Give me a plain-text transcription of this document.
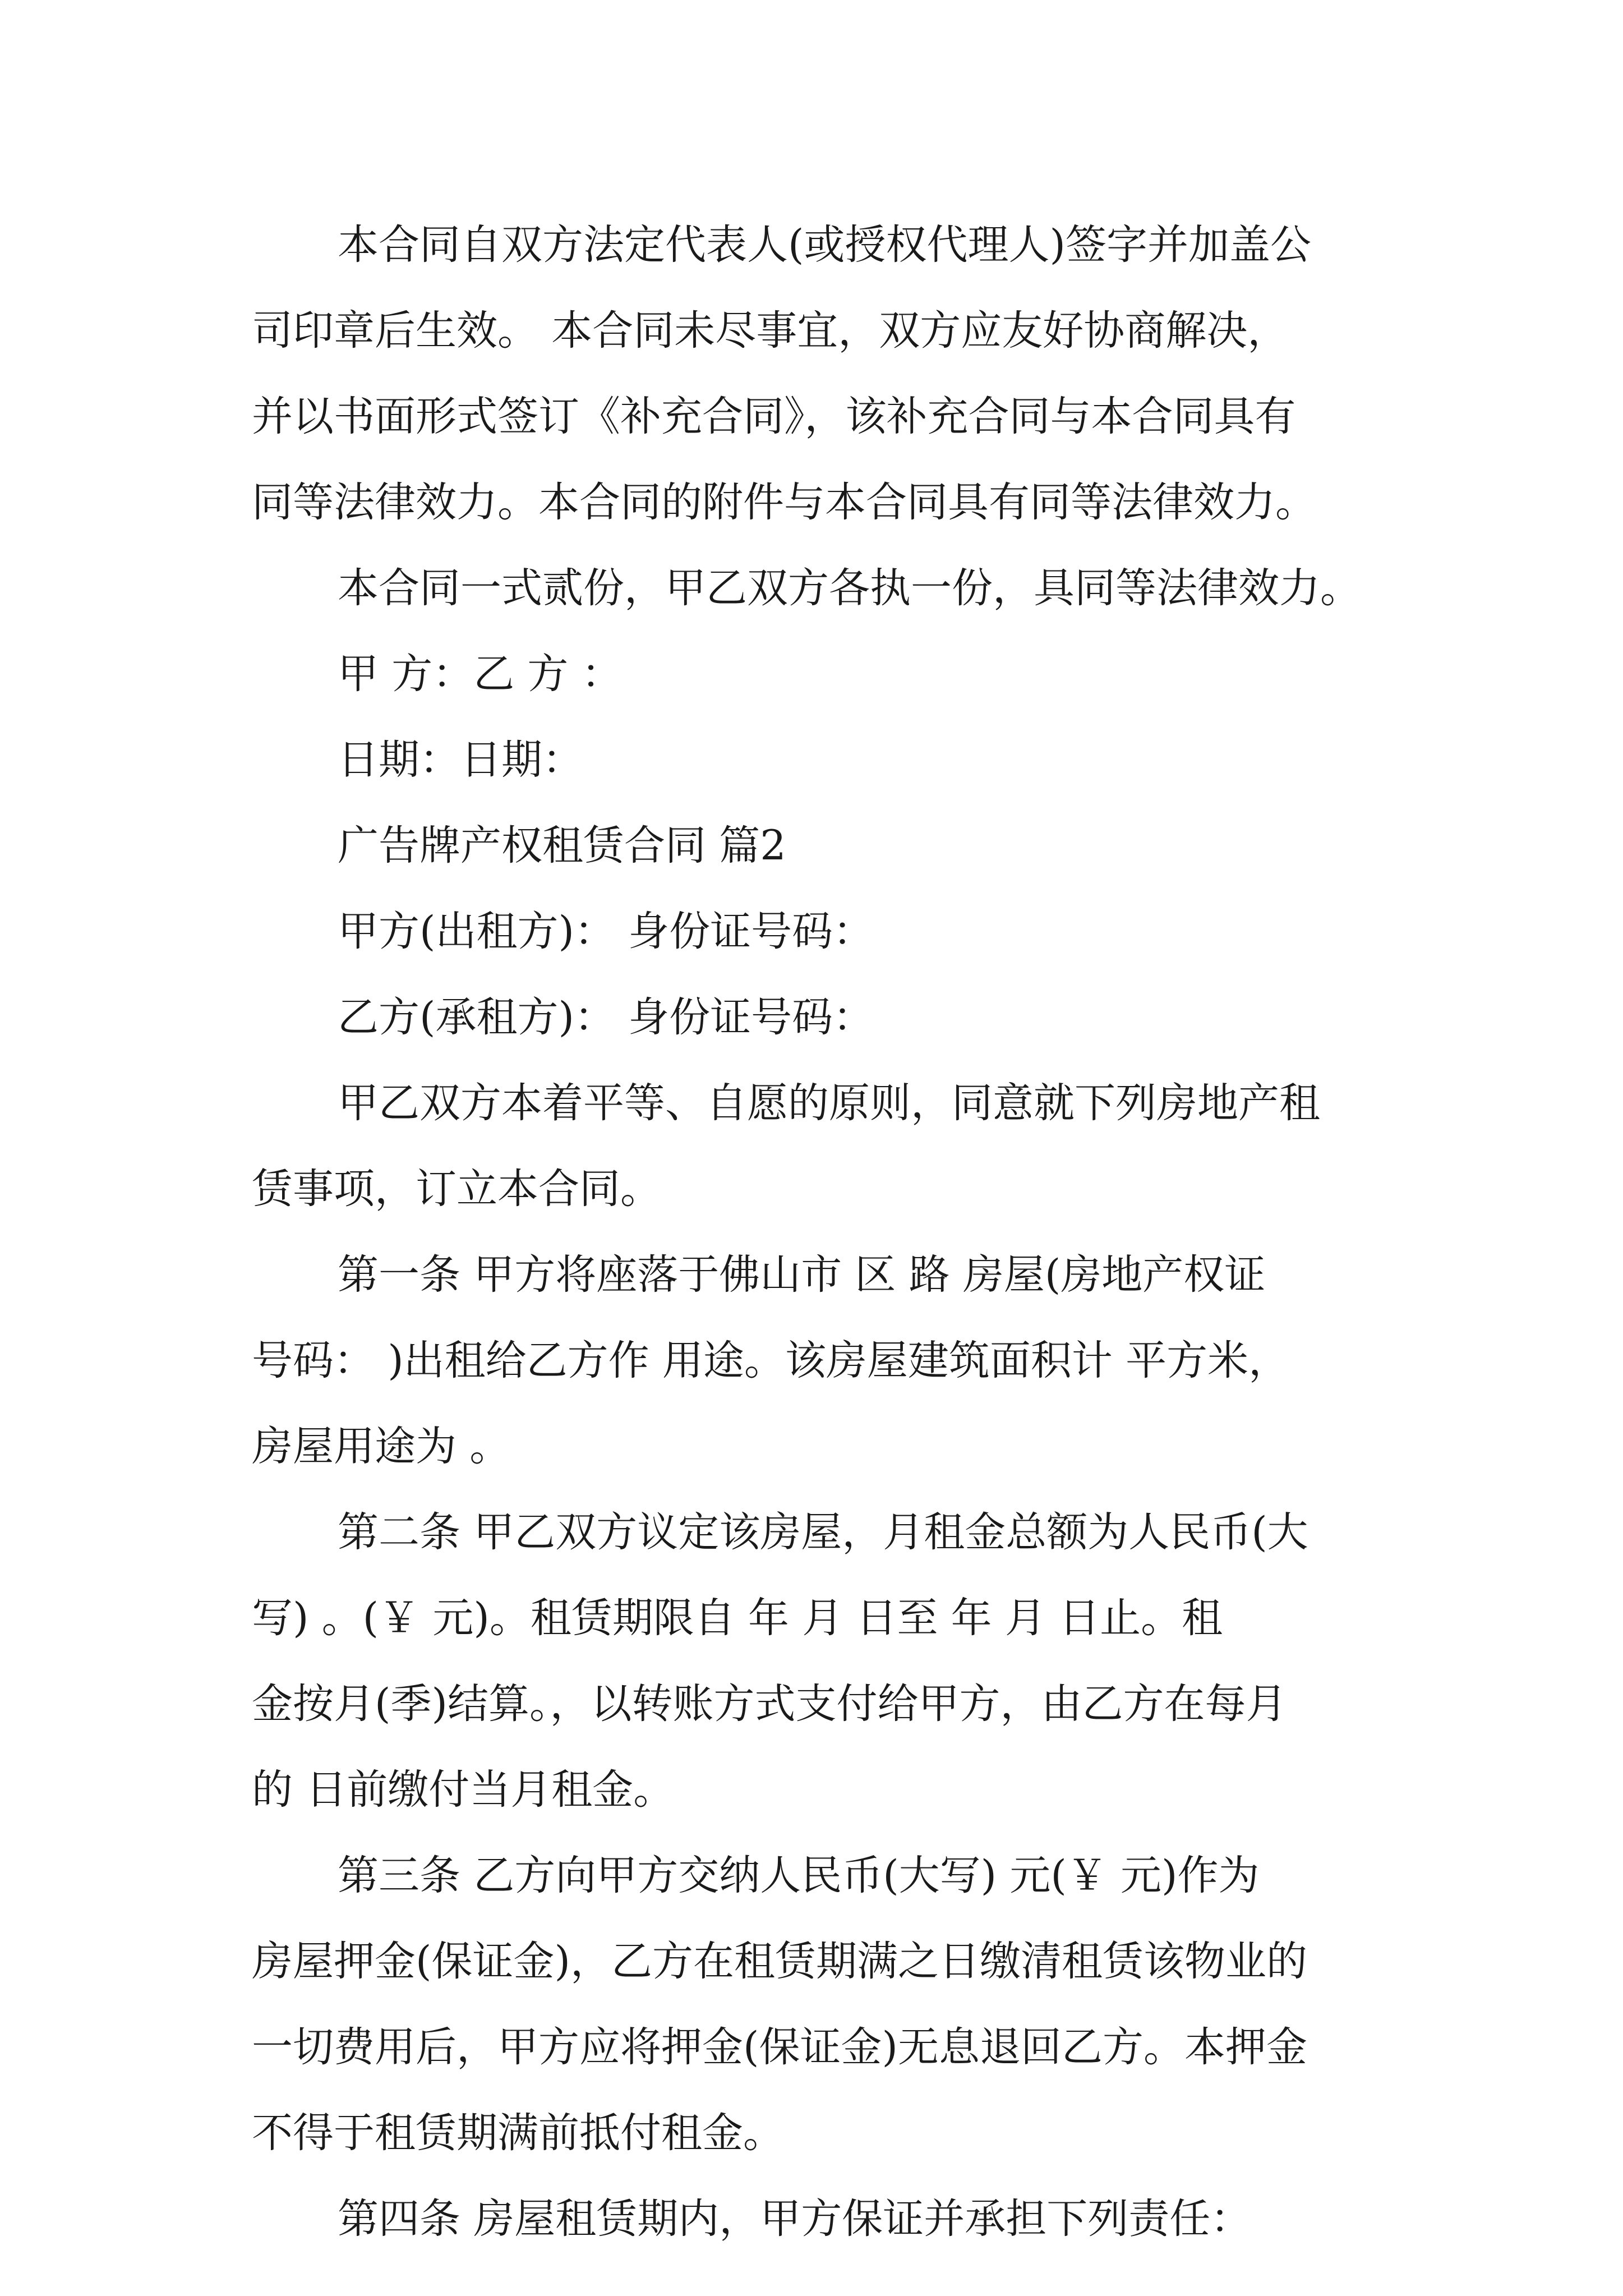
本合同自双方法定代表人(或授权代理人)签字并加盖公
司印章后生效。 本合同未尽事宜，双方应友好协商解决，
并以书面形式签订《补充合同》，该补充合同与本合同具有
同等法律效力。本合同的附件与本合同具有同等法律效力。
本合同一式贰份，甲乙双方各执一份，具同等法律效力。
甲 方：乙 方 ：
日期：日期：
广告牌产权租赁合同 篇2
甲方(出租方)： 身份证号码：
乙方(承租方)： 身份证号码：
甲乙双方本着平等、自愿的原则，同意就下列房地产租
赁事项，订立本合同。
第一条 甲方将座落于佛山市 区 路 房屋(房地产权证
号码： )出租给乙方作 用途。该房屋建筑面积计 平方米，
房屋用途为 。
第二条 甲乙双方议定该房屋，月租金总额为人民币(大
写) 。(￥ 元)。租赁期限自 年 月 日至 年 月 日止。租
金按月(季)结算。，以转账方式支付给甲方，由乙方在每月
的 日前缴付当月租金。
第三条 乙方向甲方交纳人民币(大写) 元(￥ 元)作为
房屋押金(保证金)，乙方在租赁期满之日缴清租赁该物业的
一切费用后，甲方应将押金(保证金)无息退回乙方。本押金
不得于租赁期满前抵付租金。
第四条 房屋租赁期内，甲方保证并承担下列责任：
